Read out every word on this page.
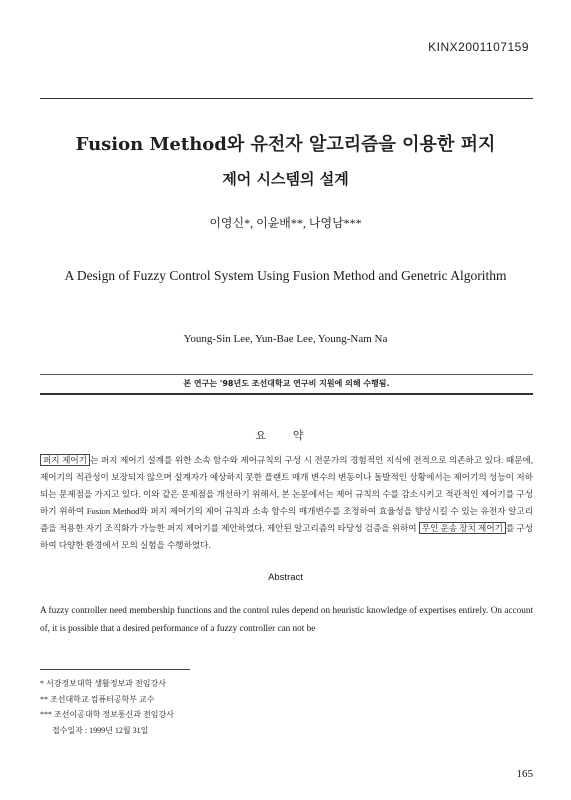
KINX2001107159
Fusion Method와 유전자 알고리즘을 이용한 퍼지
제어 시스템의 설계
이영신*, 이윤배**, 나영남***
A Design of Fuzzy Control System Using Fusion Method and Genetric Algorithm
Young-Sin Lee, Yun-Bae Lee, Young-Nam Na
본 연구는 '98년도 조선대학교 연구비 지원에 의해 수행됨.
요 약
퍼지 제어기 는 퍼지 제어기 설계를 위한 소속 함수와 제어규칙의 구성 시 전문가의 경험적인 지식에 전적으로 의존하고 있다. 때문에, 제어기의 적관성이 보장되지 않으며 설계자가 예상하지 못한 플랜트 매개 변수의 변동이나 돌발적인 상황에서는 제어기의 성능이 저하되는 문제점을 가지고 있다. 이와 같은 문제점을 개선하기 위해서, 본 논문에서는 제어 규칙의 수를 감소시키고 적관적인 제어기를 구성하기 위하여 Fusion Method와 퍼지 제어기의 제어 규칙과 소속 함수의 매개변수를 조정하여 효율성을 향상시킬 수 있는 유전자 알고리즘을 적용한 자기 조직화가 가능한 퍼지 제어기를 제안하였다. 제안된 알고리즘의 타당성 검증을 위하여 무인 운송 장치 제어기 를 구성하여 다양한 환경에서 모의 실험을 수행하였다.
Abstract
A fuzzy controller need membership functions and the control rules depend on heuristic knowledge of expertises entirely. On account of, it is possible that a desired performance of a fuzzy controller can not be
* 서강정보대학 생활정보과 전임강사
** 조선대학교 컴퓨터공학부 교수
*** 조선이공대학 정보통신과 전임강사
접수일자 : 1999년 12월 31일
165
